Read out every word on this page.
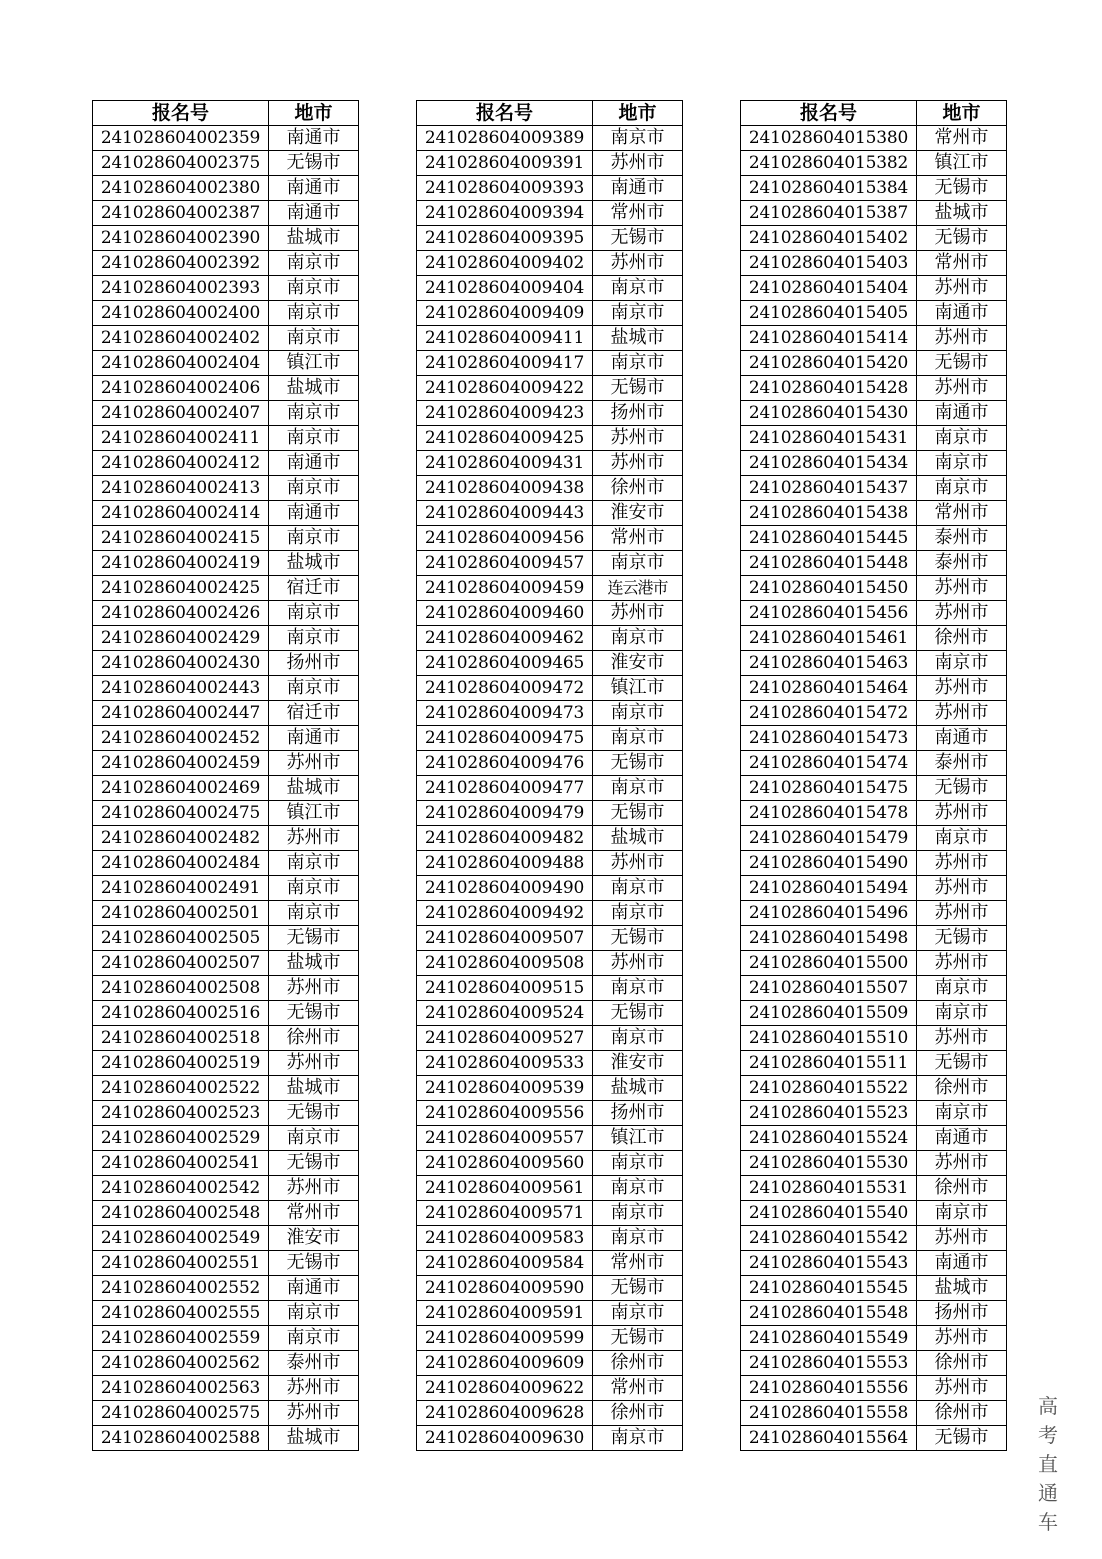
报名号	地市
241028604002359	南通市
241028604002375	无锡市
241028604002380	南通市
241028604002387	南通市
241028604002390	盐城市
241028604002392	南京市
241028604002393	南京市
241028604002400	南京市
241028604002402	南京市
241028604002404	镇江市
241028604002406	盐城市
241028604002407	南京市
241028604002411	南京市
241028604002412	南通市
241028604002413	南京市
241028604002414	南通市
241028604002415	南京市
241028604002419	盐城市
241028604002425	宿迁市
241028604002426	南京市
241028604002429	南京市
241028604002430	扬州市
241028604002443	南京市
241028604002447	宿迁市
241028604002452	南通市
241028604002459	苏州市
241028604002469	盐城市
241028604002475	镇江市
241028604002482	苏州市
241028604002484	南京市
241028604002491	南京市
241028604002501	南京市
241028604002505	无锡市
241028604002507	盐城市
241028604002508	苏州市
241028604002516	无锡市
241028604002518	徐州市
241028604002519	苏州市
241028604002522	盐城市
241028604002523	无锡市
241028604002529	南京市
241028604002541	无锡市
241028604002542	苏州市
241028604002548	常州市
241028604002549	淮安市
241028604002551	无锡市
241028604002552	南通市
241028604002555	南京市
241028604002559	南京市
241028604002562	泰州市
241028604002563	苏州市
241028604002575	苏州市
241028604002588	盐城市
报名号	地市
241028604009389	南京市
241028604009391	苏州市
241028604009393	南通市
241028604009394	常州市
241028604009395	无锡市
241028604009402	苏州市
241028604009404	南京市
241028604009409	南京市
241028604009411	盐城市
241028604009417	南京市
241028604009422	无锡市
241028604009423	扬州市
241028604009425	苏州市
241028604009431	苏州市
241028604009438	徐州市
241028604009443	淮安市
241028604009456	常州市
241028604009457	南京市
241028604009459	连云港市
241028604009460	苏州市
241028604009462	南京市
241028604009465	淮安市
241028604009472	镇江市
241028604009473	南京市
241028604009475	南京市
241028604009476	无锡市
241028604009477	南京市
241028604009479	无锡市
241028604009482	盐城市
241028604009488	苏州市
241028604009490	南京市
241028604009492	南京市
241028604009507	无锡市
241028604009508	苏州市
241028604009515	南京市
241028604009524	无锡市
241028604009527	南京市
241028604009533	淮安市
241028604009539	盐城市
241028604009556	扬州市
241028604009557	镇江市
241028604009560	南京市
241028604009561	南京市
241028604009571	南京市
241028604009583	南京市
241028604009584	常州市
241028604009590	无锡市
241028604009591	南京市
241028604009599	无锡市
241028604009609	徐州市
241028604009622	常州市
241028604009628	徐州市
241028604009630	南京市
报名号	地市
241028604015380	常州市
241028604015382	镇江市
241028604015384	无锡市
241028604015387	盐城市
241028604015402	无锡市
241028604015403	常州市
241028604015404	苏州市
241028604015405	南通市
241028604015414	苏州市
241028604015420	无锡市
241028604015428	苏州市
241028604015430	南通市
241028604015431	南京市
241028604015434	南京市
241028604015437	南京市
241028604015438	常州市
241028604015445	泰州市
241028604015448	泰州市
241028604015450	苏州市
241028604015456	苏州市
241028604015461	徐州市
241028604015463	南京市
241028604015464	苏州市
241028604015472	苏州市
241028604015473	南通市
241028604015474	泰州市
241028604015475	无锡市
241028604015478	苏州市
241028604015479	南京市
241028604015490	苏州市
241028604015494	苏州市
241028604015496	苏州市
241028604015498	无锡市
241028604015500	苏州市
241028604015507	南京市
241028604015509	南京市
241028604015510	苏州市
241028604015511	无锡市
241028604015522	徐州市
241028604015523	南京市
241028604015524	南通市
241028604015530	苏州市
241028604015531	徐州市
241028604015540	南京市
241028604015542	苏州市
241028604015543	南通市
241028604015545	盐城市
241028604015548	扬州市
241028604015549	苏州市
241028604015553	徐州市
241028604015556	苏州市
241028604015558	徐州市
241028604015564	无锡市
高考直通车
